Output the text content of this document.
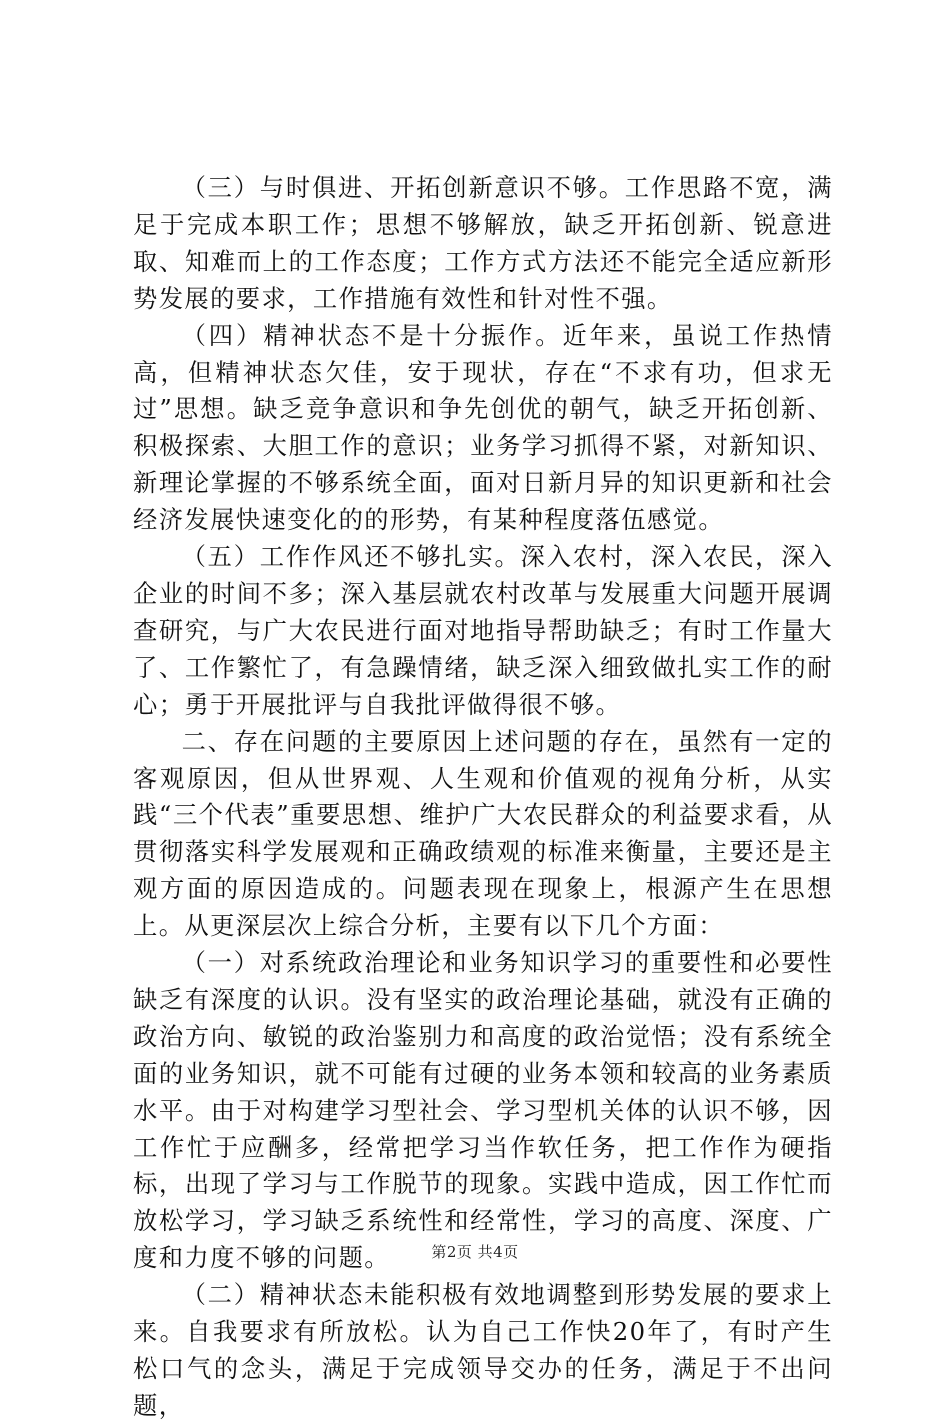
（三）与时俱进、开拓创新意识不够。工作思路不宽，满足于完成本职工作；思想不够解放，缺乏开拓创新、锐意进取、知难而上的工作态度；工作方式方法还不能完全适应新形势发展的要求，工作措施有效性和针对性不强。

（四）精神状态不是十分振作。近年来，虽说工作热情高，但精神状态欠佳，安于现状，存在“不求有功，但求无过”思想。缺乏竞争意识和争先创优的朝气，缺乏开拓创新、积极探索、大胆工作的意识；业务学习抓得不紧，对新知识、新理论掌握的不够系统全面，面对日新月异的知识更新和社会经济发展快速变化的的形势，有某种程度落伍感觉。

（五）工作作风还不够扎实。深入农村，深入农民，深入企业的时间不多；深入基层就农村改革与发展重大问题开展调查研究，与广大农民进行面对地指导帮助缺乏；有时工作量大了、工作繁忙了，有急躁情绪，缺乏深入细致做扎实工作的耐心；勇于开展批评与自我批评做得很不够。

二、存在问题的主要原因上述问题的存在，虽然有一定的客观原因，但从世界观、人生观和价值观的视角分析，从实践“三个代表”重要思想、维护广大农民群众的利益要求看，从贯彻落实科学发展观和正确政绩观的标准来衡量，主要还是主观方面的原因造成的。问题表现在现象上，根源产生在思想上。从更深层次上综合分析，主要有以下几个方面：

（一）对系统政治理论和业务知识学习的重要性和必要性缺乏有深度的认识。没有坚实的政治理论基础，就没有正确的政治方向、敏锐的政治鉴别力和高度的政治觉悟；没有系统全面的业务知识，就不可能有过硬的业务本领和较高的业务素质水平。由于对构建学习型社会、学习型机关体的认识不够，因工作忙于应酬多，经常把学习当作软任务，把工作作为硬指标，出现了学习与工作脱节的现象。实践中造成，因工作忙而放松学习，学习缺乏系统性和经常性，学习的高度、深度、广度和力度不够的问题。

（二）精神状态未能积极有效地调整到形势发展的要求上来。自我要求有所放松。认为自己工作快20年了，有时产生松口气的念头，满足于完成领导交办的任务，满足于不出问题，

第2页 共4页
